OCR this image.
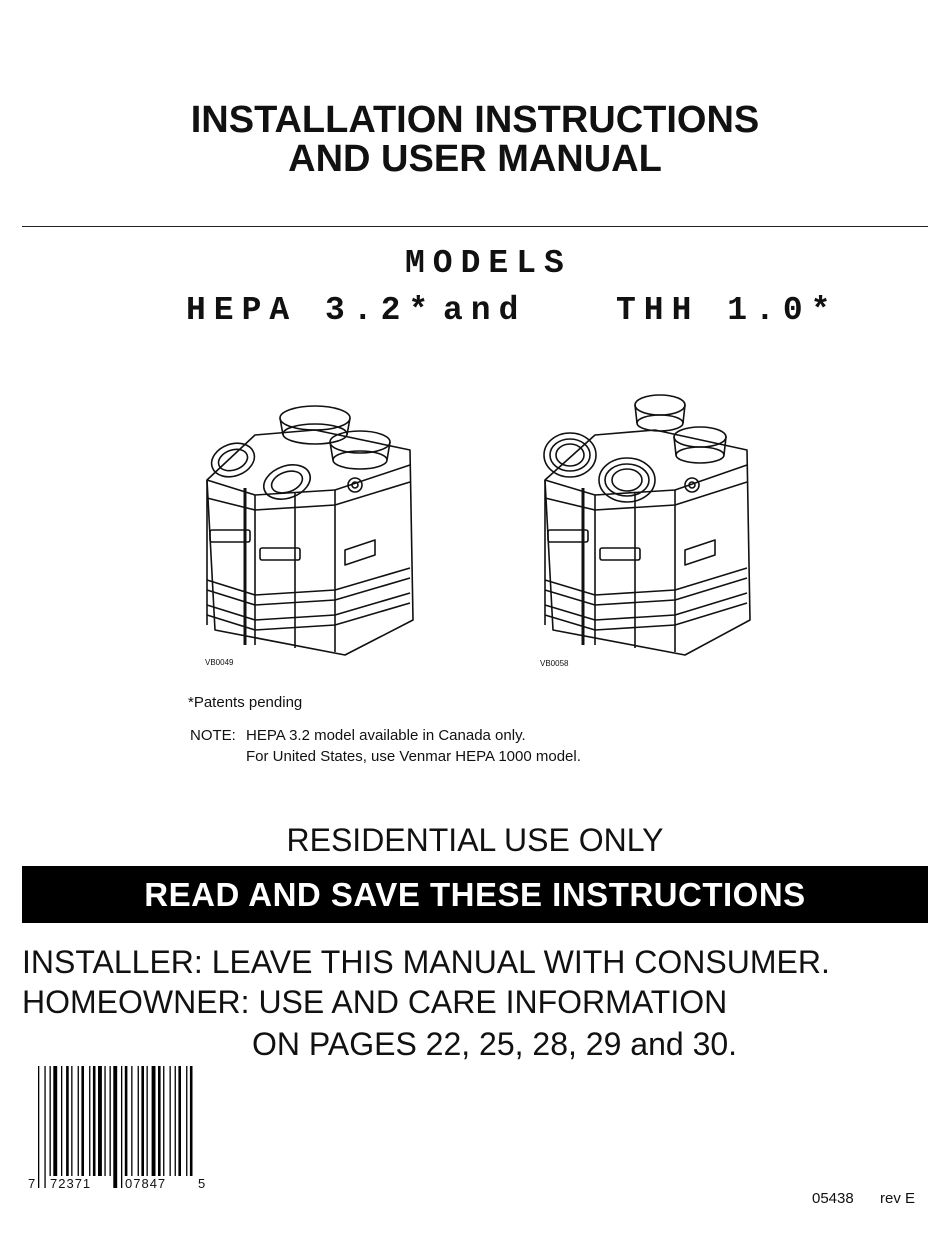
INSTALLATION INSTRUCTIONS
AND USER MANUAL
MODELS
HEPA 3.2* and	THH 1.0*
VB0049	VB0058
*Patents pending
NOTE: HEPA 3.2 model available in Canada only.
For United States, use Venmar HEPA 1000 model.
RESIDENTIAL USE ONLY
READ AND SAVE THESE INSTRUCTIONS
INSTALLER: LEAVE THIS MANUAL WITH CONSUMER.
HOMEOWNER: USE AND CARE INFORMATION
ON PAGES 22, 25, 28, 29 and 30.
7 72371	07847 5
05438 rev E
